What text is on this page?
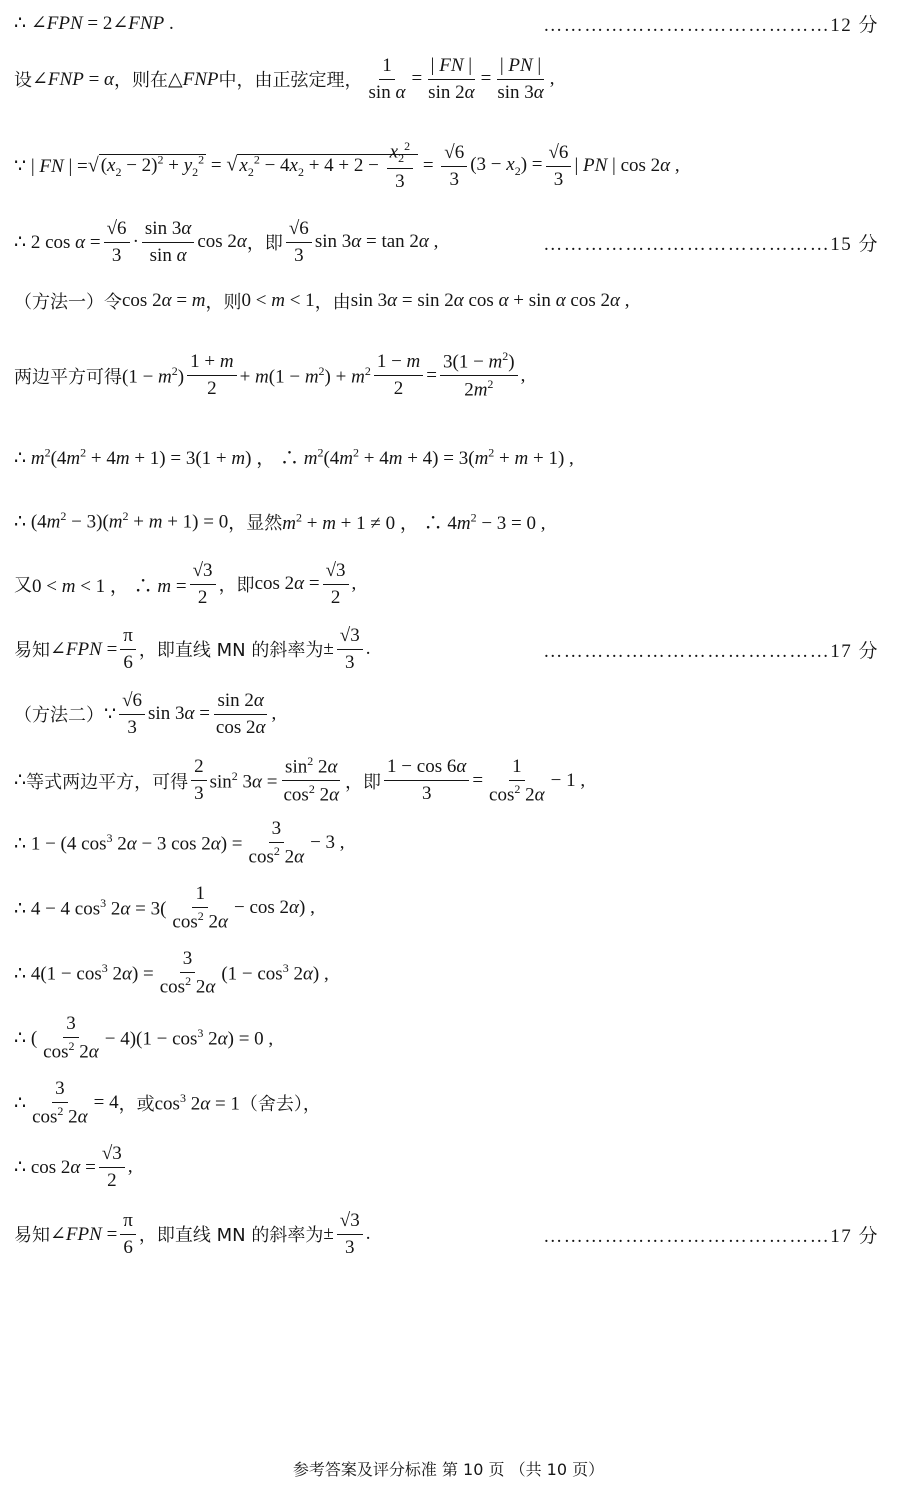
∴ ∠FPN = 2∠FNP .	……………………………………12 分
设 ∠FNP = α ，则在 △FNP 中，由正弦定理，
1
sin α
=
| FN |
sin 2α
=
| PN |
sin 3α
,
∵ | FN | = √ $(x_2 - 2)^2 + y_2^2$ = √ $x_2^2 - 4x_2 + 4 + 2 - \frac{x_2^2}{3} = \frac{√6}{3} (3 - x_2) = \frac{√6}{3}$ | PN | cos 2α ,
∴ 2 $\cos \alpha = \frac{√6}{3}$ ·
sin 3α
sin α
cos 2α ，即
√6
3
sin 3α = tan 2α ,	……………………………………15 分
（方法一） 令 cos 2α = m ，则 0 < m < 1 ，由 sin 3α = sin 2α cos α + sin α cos 2α ,
两边平方可得 $(1 - m^2)$
1 + m
2
+ $m(1 - m^2) + m^2$ 1 − m
2
=
$3(1 - m^2)$
$2m^2$ ,
∴ $m^2(4m^2 + 4m + 1) = 3(1 + m)$ ， ∴ $m^2(4m^2 + 4m + 4) = 3(m^2 + m + 1)$ ,
∴ $(4m^2 - 3)(m^2 + m + 1) = 0$ ，显然 $m^2 + m + 1 \ne 0$ ， ∴ $4m^2 - 3 = 0$ ,
又 0 < m < 1 ， ∴ $m = \frac{√3}{2}$ ，即 $\cos 2\alpha = \frac{√3}{2}$ ,
易知 ∠FPN = $\frac{\pi}{6}$ ，即直线 MN 的斜率为 ± $\frac{√3}{3}$ .	……………………………………17 分
（方法二） ∵
√6
3
$\sin 3\alpha = \frac{\sin 2\alpha}{\cos 2\alpha}$ ,
∴ 等式两边平方，可得
2
3
$\sin^2 3\alpha = \frac{\sin^2 2\alpha}{\cos^2 2\alpha}$ ，即
1 − cos 6α
3
=
1
$\cos^2 2\alpha$
− 1 ,
∴ 1 − (4 $\cos^3 2\alpha - 3$ $\cos 2\alpha) = \frac{3}{\cos^2 2\alpha} - 3$ ,
∴ 4 − 4 $\cos^3 2\alpha = 3$(
1
$\cos^2 2\alpha$
− cos 2α) ,
∴ $4(1 - \cos^3 2\alpha) = \frac{3}{\cos^2 2\alpha} (1 - \cos^3 2\alpha)$ ,
∴ (
3
$\cos^2 2\alpha$
− $4)(1 - \cos^3 2\alpha) = 0$ ,
∴ $\frac{3}{\cos^2 2\alpha} = 4$ ，或 $\cos^3 2\alpha = 1$ （舍去），
∴ $\cos 2\alpha = \frac{√3}{2}$ ,
易知 ∠FPN = $\frac{\pi}{6}$ ，即直线 MN 的斜率为 ± $\frac{√3}{3}$ .	……………………………………17 分
参考答案及评分标准 第 10 页 （共 10 页）
